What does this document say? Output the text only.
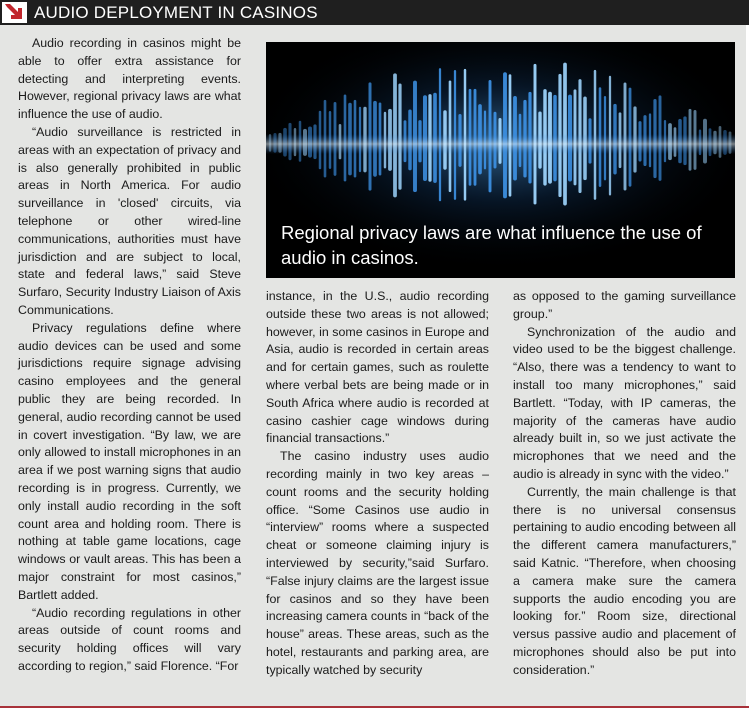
AUDIO DEPLOYMENT IN CASINOS

Audio recording in casinos might be able to offer extra assistance for detecting and interpreting events. However, regional privacy laws are what influence the use of audio.

“Audio surveillance is restricted in areas with an expectation of privacy and is also generally prohibited in public areas in North America. For audio surveillance in 'closed' circuits, via telephone or other wired-line communications, authorities must have jurisdiction and are subject to local, state and federal laws,” said Steve Surfaro, Security Industry Liaison of Axis Communications.

Privacy regulations define where audio devices can be used and some jurisdictions require signage advising casino employees and the general public they are being recorded. In general, audio recording cannot be used in covert investigation. “By law, we are only allowed to install microphones in an area if we post warning signs that audio recording is in progress. Currently, we only install audio recording in the soft count area and holding room. There is nothing at table game locations, cage windows or vault areas. This has been a major constraint for most casinos,” Bartlett added.

“Audio recording regulations in other areas outside of count rooms and security holding offices will vary according to region,” said Florence. “For

Regional privacy laws are what influence the use of audio in casinos.

instance, in the U.S., audio recording outside these two areas is not allowed; however, in some casinos in Europe and Asia, audio is recorded in certain areas and for certain games, such as roulette where verbal bets are being made or in South Africa where audio is recorded at casino cashier cage windows during financial transactions.”

The casino industry uses audio recording mainly in two key areas – count rooms and the security holding office. “Some Casinos use audio in “interview” rooms where a suspected cheat or someone claiming injury is interviewed by security,”said Surfaro. “False injury claims are the largest issue for casinos and so they have been increasing camera counts in “back of the house” areas. These areas, such as the hotel, restaurants and parking area, are typically watched by security

as opposed to the gaming surveillance group.”

Synchronization of the audio and video used to be the biggest challenge. “Also, there was a tendency to want to install too many microphones,” said Bartlett. “Today, with IP cameras, the majority of the cameras have audio already built in, so we just activate the microphones that we need and the audio is already in sync with the video.”

Currently, the main challenge is that there is no universal consensus pertaining to audio encoding between all the different camera manufacturers,” said Katnic. “Therefore, when choosing a camera make sure the camera supports the audio encoding you are looking for.” Room size, directional versus passive audio and placement of microphones should also be put into consideration.”
